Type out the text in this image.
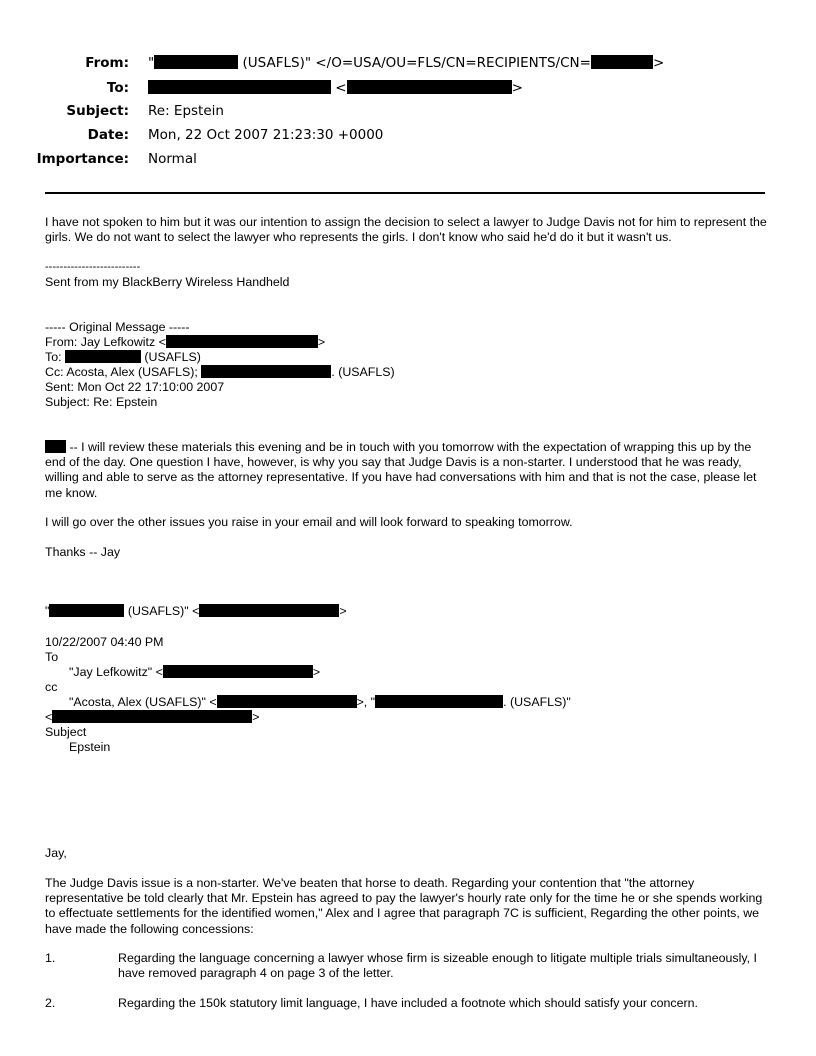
From: "	(USAFLS)" </O=USA/OU=FLS/CN=RECIPIENTS/CN=	>
To:	<	>
Subject: Re: Epstein
Date: Mon, 22 Oct 2007 21:23:30 +0000
Importance: Normal
I have not spoken to him but it was our intention to assign the decision to select a lawyer to Judge Davis not for him to represent the girls. We do not want to select the lawyer who represents the girls. I don't know who said he'd do it but it wasn't us.
--------------------------
Sent from my BlackBerry Wireless Handheld
----- Original Message -----
From: Jay Lefkowitz <	>
To:	(USAFLS)
Cc: Acosta, Alex (USAFLS);	. (USAFLS)
Sent: Mon Oct 22 17:10:00 2007
Subject: Re: Epstein
-- I will review these materials this evening and be in touch with you tomorrow with the expectation of wrapping this up by the end of the day. One question I have, however, is why you say that Judge Davis is a non-starter. I understood that he was ready, willing and able to serve as the attorney representative. If you have had conversations with him and that is not the case, please let me know.
I will go over the other issues you raise in your email and will look forward to speaking tomorrow.
Thanks -- Jay
"	(USAFLS)" <	>
10/22/2007 04:40 PM
To
"Jay Lefkowitz" <	>
cc
"Acosta, Alex (USAFLS)" <	>, "	. (USAFLS)"
<	>
Subject
Epstein
Jay,
The Judge Davis issue is a non-starter. We've beaten that horse to death. Regarding your contention that "the attorney representative be told clearly that Mr. Epstein has agreed to pay the lawyer's hourly rate only for the time he or she spends working to effectuate settlements for the identified women," Alex and I agree that paragraph 7C is sufficient, Regarding the other points, we have made the following concessions:
1.	Regarding the language concerning a lawyer whose firm is sizeable enough to litigate multiple trials simultaneously, I have removed paragraph 4 on page 3 of the letter.
2.	Regarding the 150k statutory limit language, I have included a footnote which should satisfy your concern.
